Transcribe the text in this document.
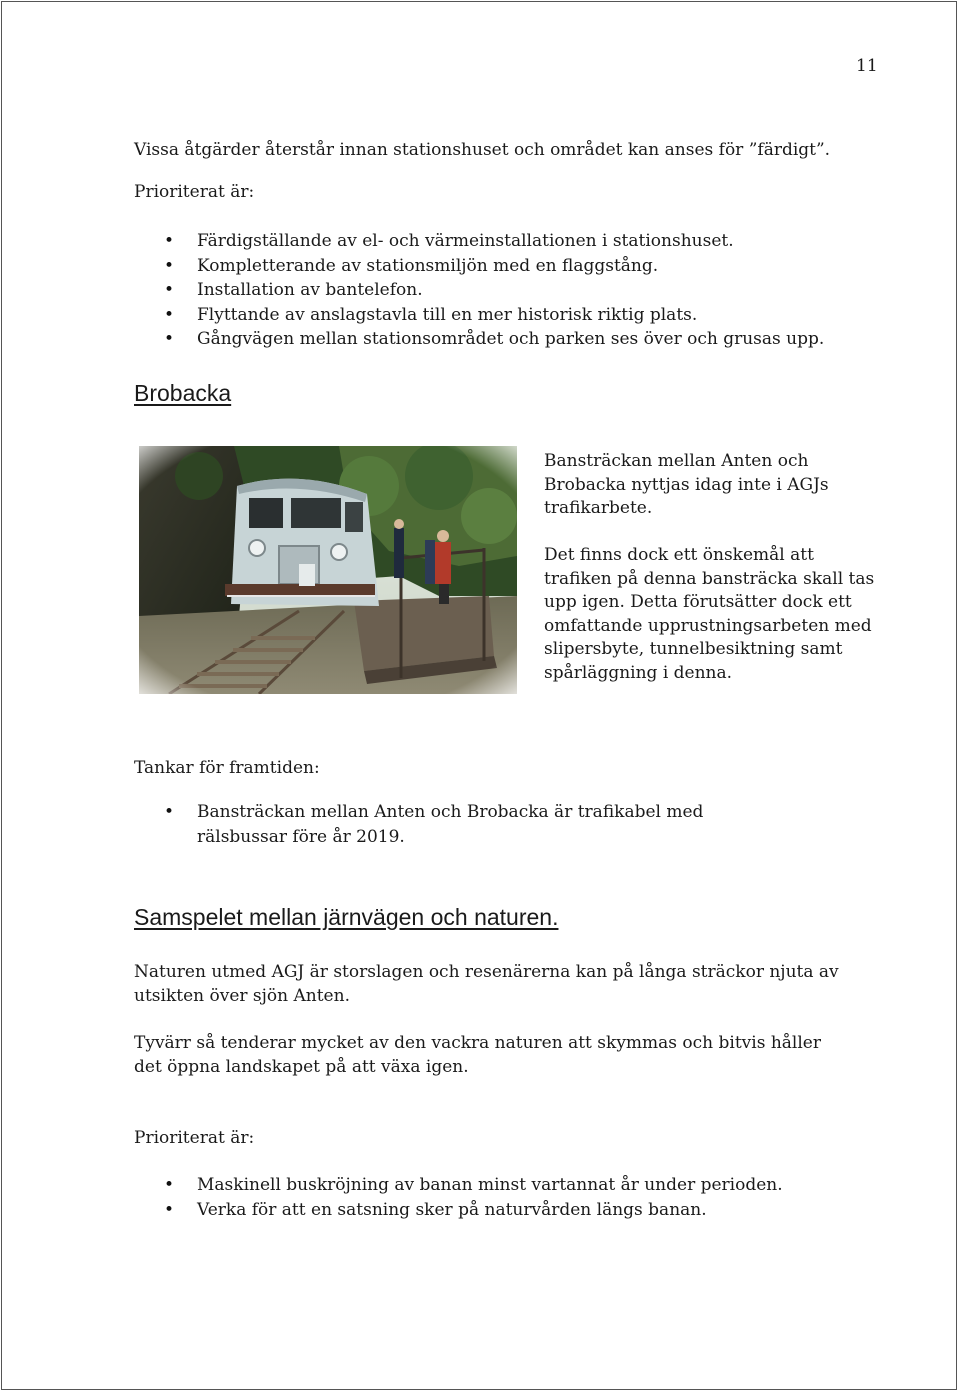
11

Vissa åtgärder återstår innan stationshuset och området kan anses för ”färdigt”.

Prioriterat är:

• Färdigställande av el- och värmeinstallationen i stationshuset.
• Kompletterande av stationsmiljön med en flaggstång.
• Installation av bantelefon.
• Flyttande av anslagstavla till en mer historisk riktig plats.
• Gångvägen mellan stationsområdet och parken ses över och grusas upp.
Brobacka

Bansträckan mellan Anten och Brobacka nyttjas idag inte i AGJs trafikarbete.

Det finns dock ett önskemål att trafiken på denna bansträcka skall tas upp igen. Detta förutsätter dock ett omfattande upprustningsarbeten med slipersbyte, tunnelbesiktning samt spårläggning i denna.

Tankar för framtiden:

• Bansträckan mellan Anten och Brobacka är trafikabel med rälsbussar före år 2019.
Samspelet mellan järnvägen och naturen.

Naturen utmed AGJ är storslagen och resenärerna kan på långa sträckor njuta av utsikten över sjön Anten.

Tyvärr så tenderar mycket av den vackra naturen att skymmas och bitvis håller det öppna landskapet på att växa igen.

Prioriterat är:

• Maskinell buskröjning av banan minst vartannat år under perioden.
• Verka för att en satsning sker på naturvården längs banan.
